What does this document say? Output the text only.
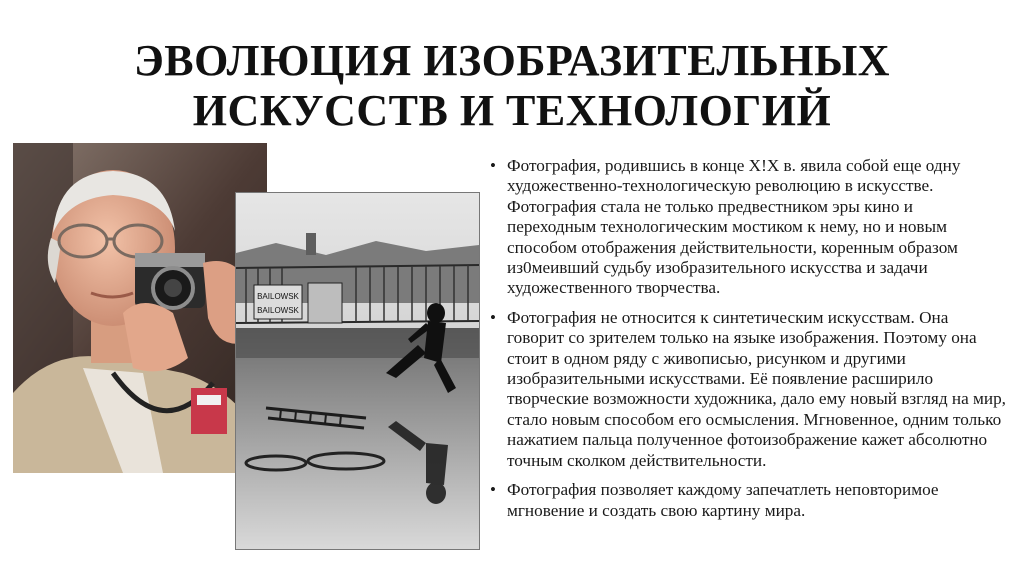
ЭВОЛЮЦИЯ ИЗОБРАЗИТЕЛЬНЫХ
ИСКУССТВ И ТЕХНОЛОГИЙ
BAILOWSK
BAILOWSK
• Фотография, родившись в конце Х!Х в. явила собой еще одну художественно-технологическую революцию в искусстве. Фотография стала не только предвестником эры кино и переходным технологическим мостиком к нему, но и новым способом отображения действительности, коренным образом из0меивший судьбу изобразительного искусства и задачи художественного творчества.
• Фотография не относится к синтетическим искусствам. Она говорит со зрителем только на языке изображения. Поэтому она стоит в одном ряду с живописью, рисунком и другими изобразительными искусствами. Её появление расширило творческие возможности художника, дало ему новый взгляд на мир, стало новым способом его осмысления. Мгновенное, одним только нажатием пальца полученное фотоизображение кажет абсолютно точным сколком действительности.
• Фотография позволяет каждому запечатлеть неповторимое мгновение и создать свою картину мира.
